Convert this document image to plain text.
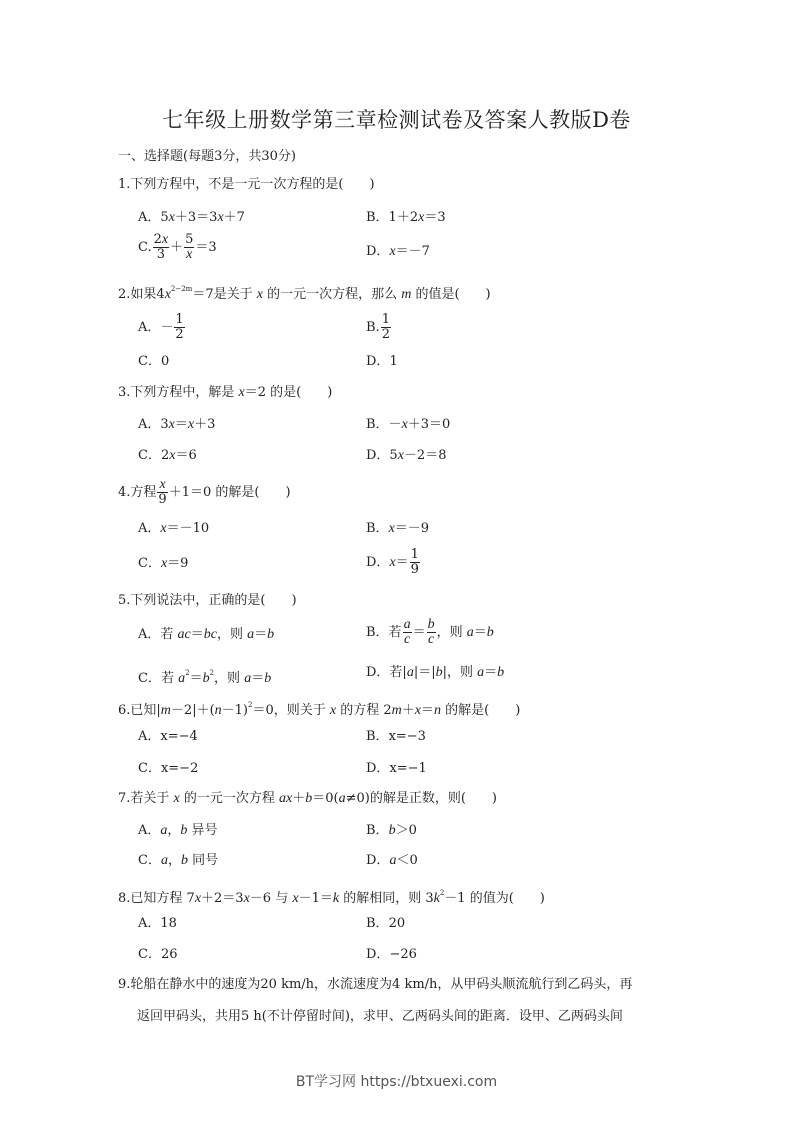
七年级上册数学第三章检测试卷及答案人教版D卷
一、选择题(每题3分，共30分)
1.下列方程中，不是一元一次方程的是(　　)
A．5x＋3＝3x＋7	B．1＋2x＝3
C. $\frac{2x}{3} + \frac{5}{x} =3$	D．x＝－7
2.如果$4x^{2-2m}=7$是关于 x 的一元一次方程，那么 m 的值是(　　)
A．－ $\frac{1}{2}$	B. $\frac{1}{2}$
C．0	D．1
3.下列方程中，解是 x＝2 的是(　　)
A．3x＝x＋3	B．－x＋3＝0
C．2x＝6	D．5x－2＝8
4.方程 $\frac{x}{9} +1=0$ 的解是(　　)
A．x＝－10	B．x＝－9
C．x＝9	D．$x= \frac{1}{9}$
5.下列说法中，正确的是(　　)
A．若 ac＝bc，则 a＝b	B．若 $\frac{a}{c} = \frac{b}{c}$ ，则 a＝b
C．若 $a^2=b^2$，则 a＝b	D．若|a|＝|b|，则 a＝b
6.已知$|m-2|+(n-1)^2=0$，则关于 x 的方程 2m＋x＝n 的解是(　　)
A．x=−4	B．x=−3
C．x=−2	D．x=−1
7.若关于 x 的一元一次方程 ax＋b＝0(a≠0)的解是正数，则(　　)
A．a，b 异号	B．b＞0
C．a，b 同号	D．a＜0
8.已知方程 7x＋2＝3x－6 与 x－1＝k 的解相同，则 $3k^2-1$ 的值为(　　)
A．18	B．20
C．26	D．−26
9.轮船在静水中的速度为20 km/h，水流速度为4 km/h，从甲码头顺流航行到乙码头，再
返回甲码头，共用5 h(不计停留时间)，求甲、乙两码头间的距离．设甲、乙两码头间
BT学习网 https://btxuexi.com
